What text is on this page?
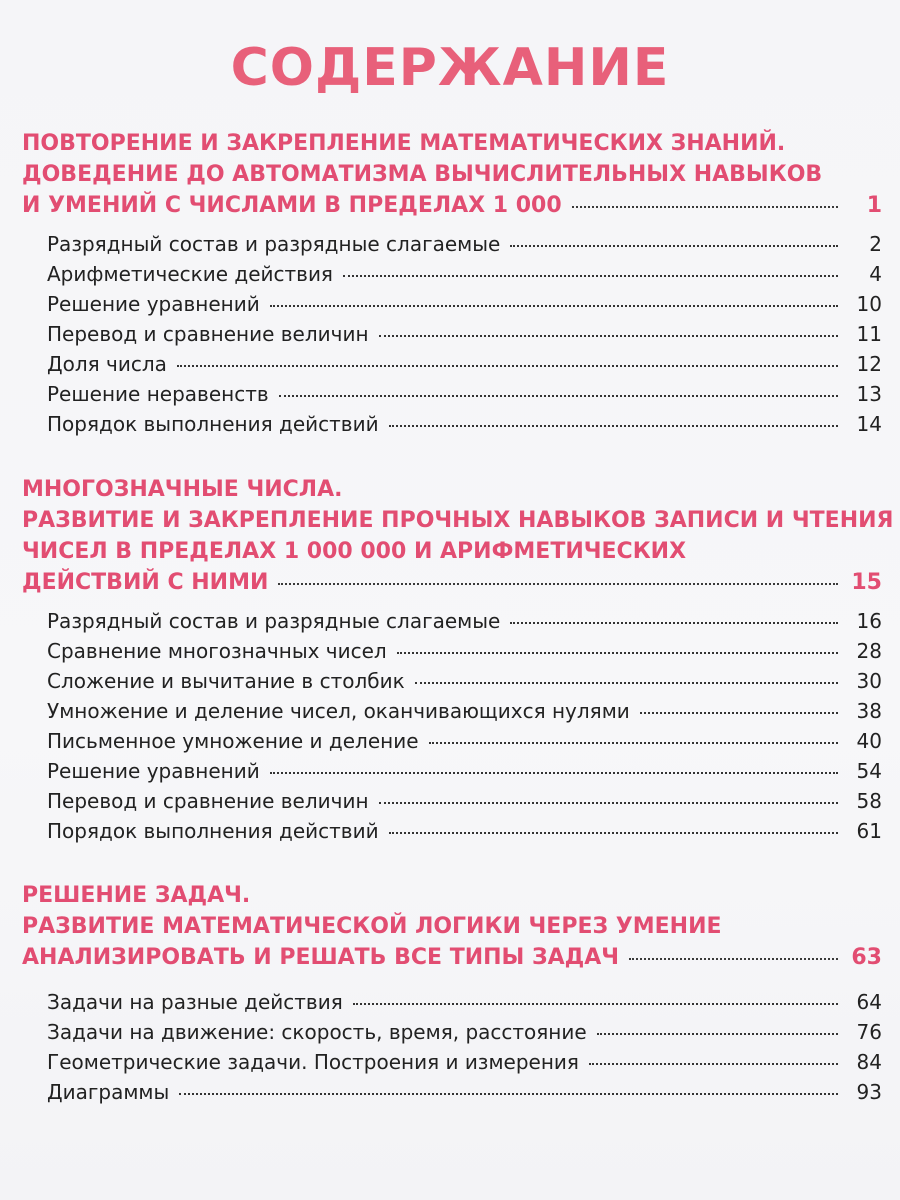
СОДЕРЖАНИЕ
ПОВТОРЕНИЕ И ЗАКРЕПЛЕНИЕ МАТЕМАТИЧЕСКИХ ЗНАНИЙ.
ДОВЕДЕНИЕ ДО АВТОМАТИЗМА ВЫЧИСЛИТЕЛЬНЫХ НАВЫКОВ
И УМЕНИЙ С ЧИСЛАМИ В ПРЕДЕЛАХ 1 000	1
Разрядный состав и разрядные слагаемые	2
Арифметические действия	4
Решение уравнений	10
Перевод и сравнение величин	11
Доля числа	12
Решение неравенств	13
Порядок выполнения действий	14
МНОГОЗНАЧНЫЕ ЧИСЛА.
РАЗВИТИЕ И ЗАКРЕПЛЕНИЕ ПРОЧНЫХ НАВЫКОВ ЗАПИСИ И ЧТЕНИЯ
ЧИСЕЛ В ПРЕДЕЛАХ 1 000 000 И АРИФМЕТИЧЕСКИХ
ДЕЙСТВИЙ С НИМИ	15
Разрядный состав и разрядные слагаемые	16
Сравнение многозначных чисел	28
Сложение и вычитание в столбик	30
Умножение и деление чисел, оканчивающихся нулями	38
Письменное умножение и деление	40
Решение уравнений	54
Перевод и сравнение величин	58
Порядок выполнения действий	61
РЕШЕНИЕ ЗАДАЧ.
РАЗВИТИЕ МАТЕМАТИЧЕСКОЙ ЛОГИКИ ЧЕРЕЗ УМЕНИЕ
АНАЛИЗИРОВАТЬ И РЕШАТЬ ВСЕ ТИПЫ ЗАДАЧ	63
Задачи на разные действия	64
Задачи на движение: скорость, время, расстояние	76
Геометрические задачи. Построения и измерения	84
Диаграммы	93
